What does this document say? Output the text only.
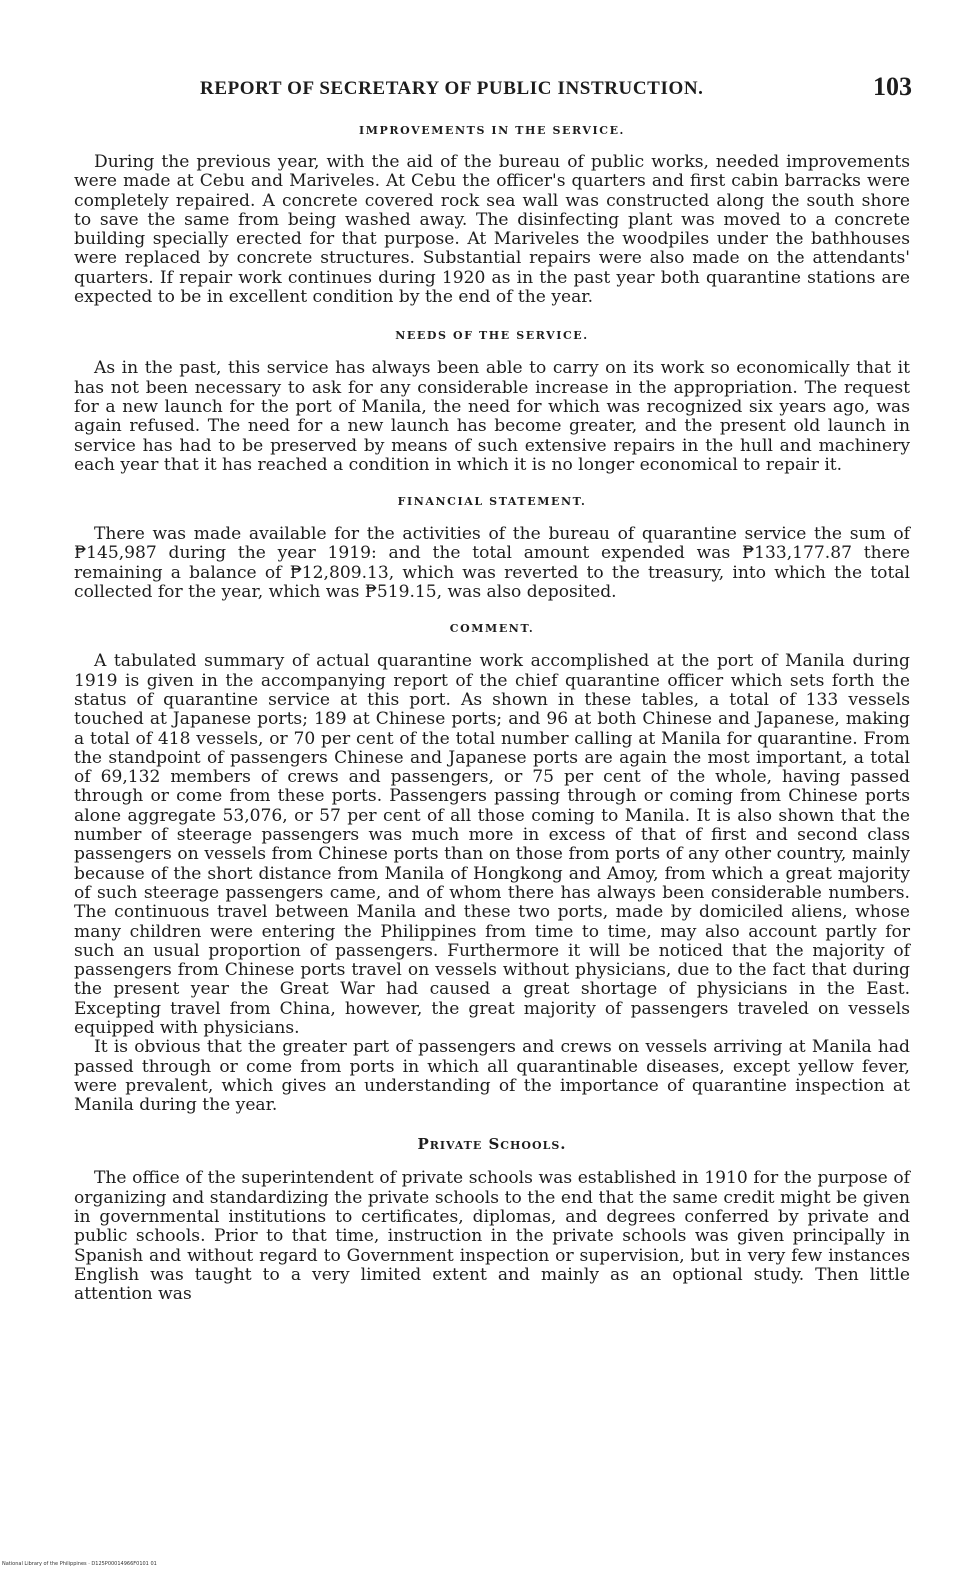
REPORT OF SECRETARY OF PUBLIC INSTRUCTION.	103
IMPROVEMENTS IN THE SERVICE.

During the previous year, with the aid of the bureau of public works, needed improvements were made at Cebu and Mariveles. At Cebu the officer's quarters and first cabin barracks were completely repaired. A concrete covered rock sea wall was constructed along the south shore to save the same from being washed away. The disinfecting plant was moved to a concrete building specially erected for that purpose. At Mariveles the woodpiles under the bathhouses were replaced by concrete structures. Substantial repairs were also made on the attendants' quarters. If repair work continues during 1920 as in the past year both quarantine stations are expected to be in excellent condition by the end of the year.

NEEDS OF THE SERVICE.

As in the past, this service has always been able to carry on its work so economically that it has not been necessary to ask for any considerable increase in the appropriation. The request for a new launch for the port of Manila, the need for which was recognized six years ago, was again refused. The need for a new launch has become greater, and the present old launch in service has had to be preserved by means of such extensive repairs in the hull and machinery each year that it has reached a condition in which it is no longer economical to repair it.

FINANCIAL STATEMENT.

There was made available for the activities of the bureau of quarantine service the sum of ₱145,987 during the year 1919: and the total amount expended was ₱133,177.87 there remaining a balance of ₱12,809.13, which was reverted to the treasury, into which the total collected for the year, which was ₱519.15, was also deposited.

COMMENT.

A tabulated summary of actual quarantine work accomplished at the port of Manila during 1919 is given in the accompanying report of the chief quarantine officer which sets forth the status of quarantine service at this port. As shown in these tables, a total of 133 vessels touched at Japanese ports; 189 at Chinese ports; and 96 at both Chinese and Japanese, making a total of 418 vessels, or 70 per cent of the total number calling at Manila for quarantine. From the standpoint of passengers Chinese and Japanese ports are again the most important, a total of 69,132 members of crews and passengers, or 75 per cent of the whole, having passed through or come from these ports. Passengers passing through or coming from Chinese ports alone aggregate 53,076, or 57 per cent of all those coming to Manila. It is also shown that the number of steerage passengers was much more in excess of that of first and second class passengers on vessels from Chinese ports than on those from ports of any other country, mainly because of the short distance from Manila of Hongkong and Amoy, from which a great majority of such steerage passengers came, and of whom there has always been considerable numbers. The continuous travel between Manila and these two ports, made by domiciled aliens, whose many children were entering the Philippines from time to time, may also account partly for such an usual proportion of passengers. Furthermore it will be noticed that the majority of passengers from Chinese ports travel on vessels without physicians, due to the fact that during the present year the Great War had caused a great shortage of physicians in the East. Excepting travel from China, however, the great majority of passengers traveled on vessels equipped with physicians.

It is obvious that the greater part of passengers and crews on vessels arriving at Manila had passed through or come from ports in which all quarantinable diseases, except yellow fever, were prevalent, which gives an understanding of the importance of quarantine inspection at Manila during the year.

Private Schools.

The office of the superintendent of private schools was established in 1910 for the purpose of organizing and standardizing the private schools to the end that the same credit might be given in governmental institutions to certificates, diplomas, and degrees conferred by private and public schools. Prior to that time, instruction in the private schools was given principally in Spanish and without regard to Government inspection or supervision, but in very few instances English was taught to a very limited extent and mainly as an optional study. Then little attention was

National Library of the Philippines · D125P00014966F0101 01
